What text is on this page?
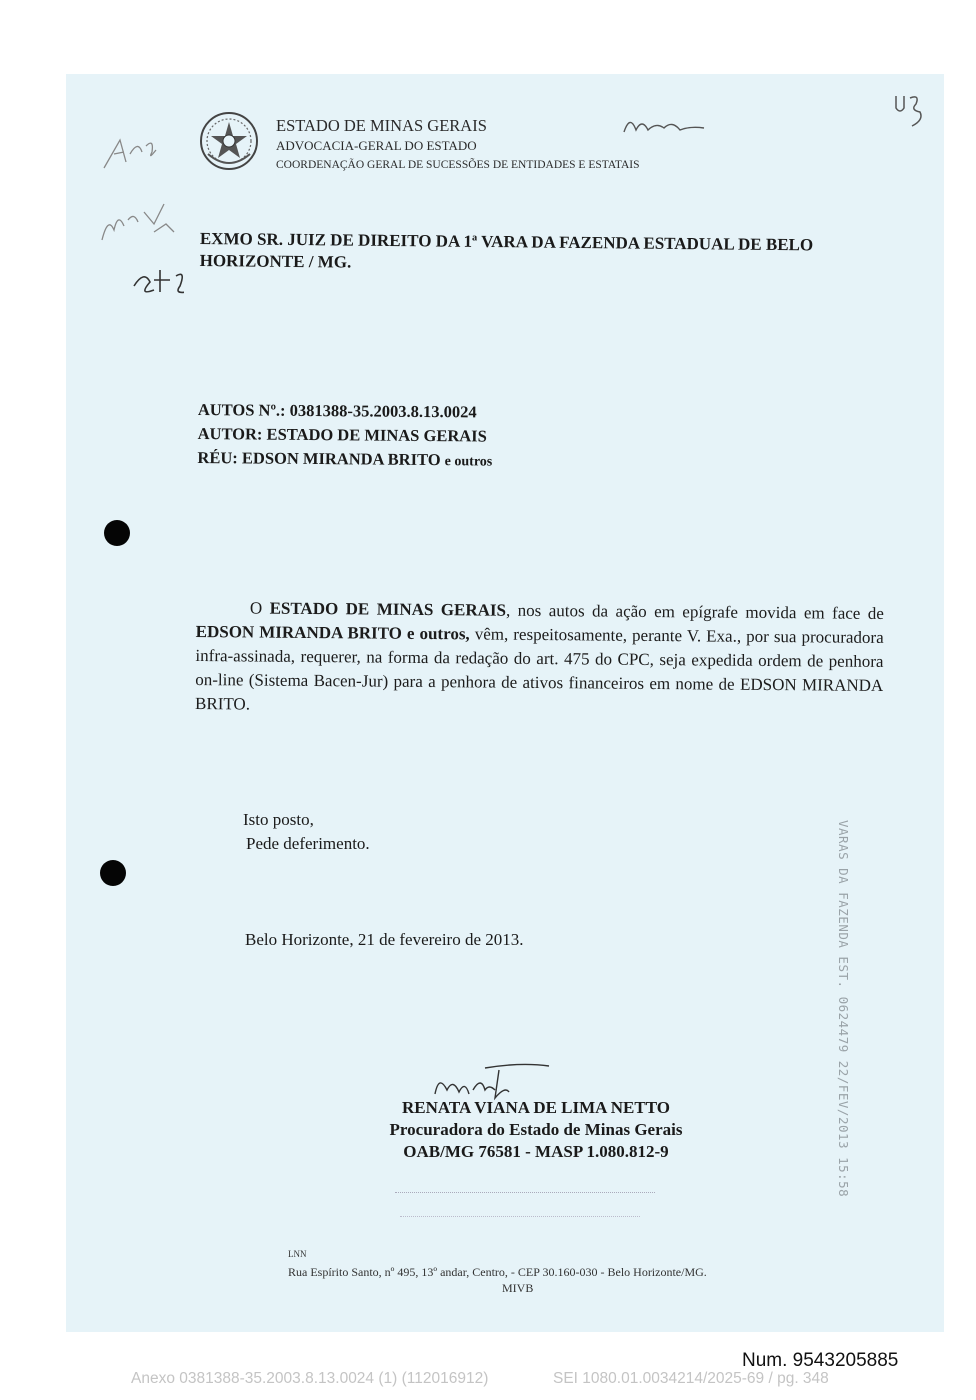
ESTADO DE MINAS GERAIS
ADVOCACIA-GERAL DO ESTADO
COORDENAÇÃO GERAL DE SUCESSÕES DE ENTIDADES E ESTATAIS
EXMO SR. JUIZ DE DIREITO DA 1ª VARA DA FAZENDA ESTADUAL DE BELO HORIZONTE / MG.
AUTOS Nº.: 0381388-35.2003.8.13.0024
AUTOR: ESTADO DE MINAS GERAIS
RÉU: EDSON MIRANDA BRITO e outros
O ESTADO DE MINAS GERAIS, nos autos da ação em epígrafe movida em face de EDSON MIRANDA BRITO e outros, vêm, respeitosamente, perante V. Exa., por sua procuradora infra-assinada, requerer, na forma da redação do art. 475 do CPC, seja expedida ordem de penhora on-line (Sistema Bacen-Jur) para a penhora de ativos financeiros em nome de EDSON MIRANDA BRITO.
Isto posto,
Pede deferimento.
Belo Horizonte, 21 de fevereiro de 2013.
RENATA VIANA DE LIMA NETTO
Procuradora do Estado de Minas Gerais
OAB/MG 76581 - MASP 1.080.812-9	VARAS DA FAZENDA EST. 0624479 22/FEV/2013 15:58
LNN
Rua Espírito Santo, nº 495, 13º andar, Centro, - CEP 30.160-030 - Belo Horizonte/MG.
MIVB
Num. 9543205885
Anexo 0381388-35.2003.8.13.0024 (1) (112016912)	SEI 1080.01.0034214/2025-69 / pg. 348
